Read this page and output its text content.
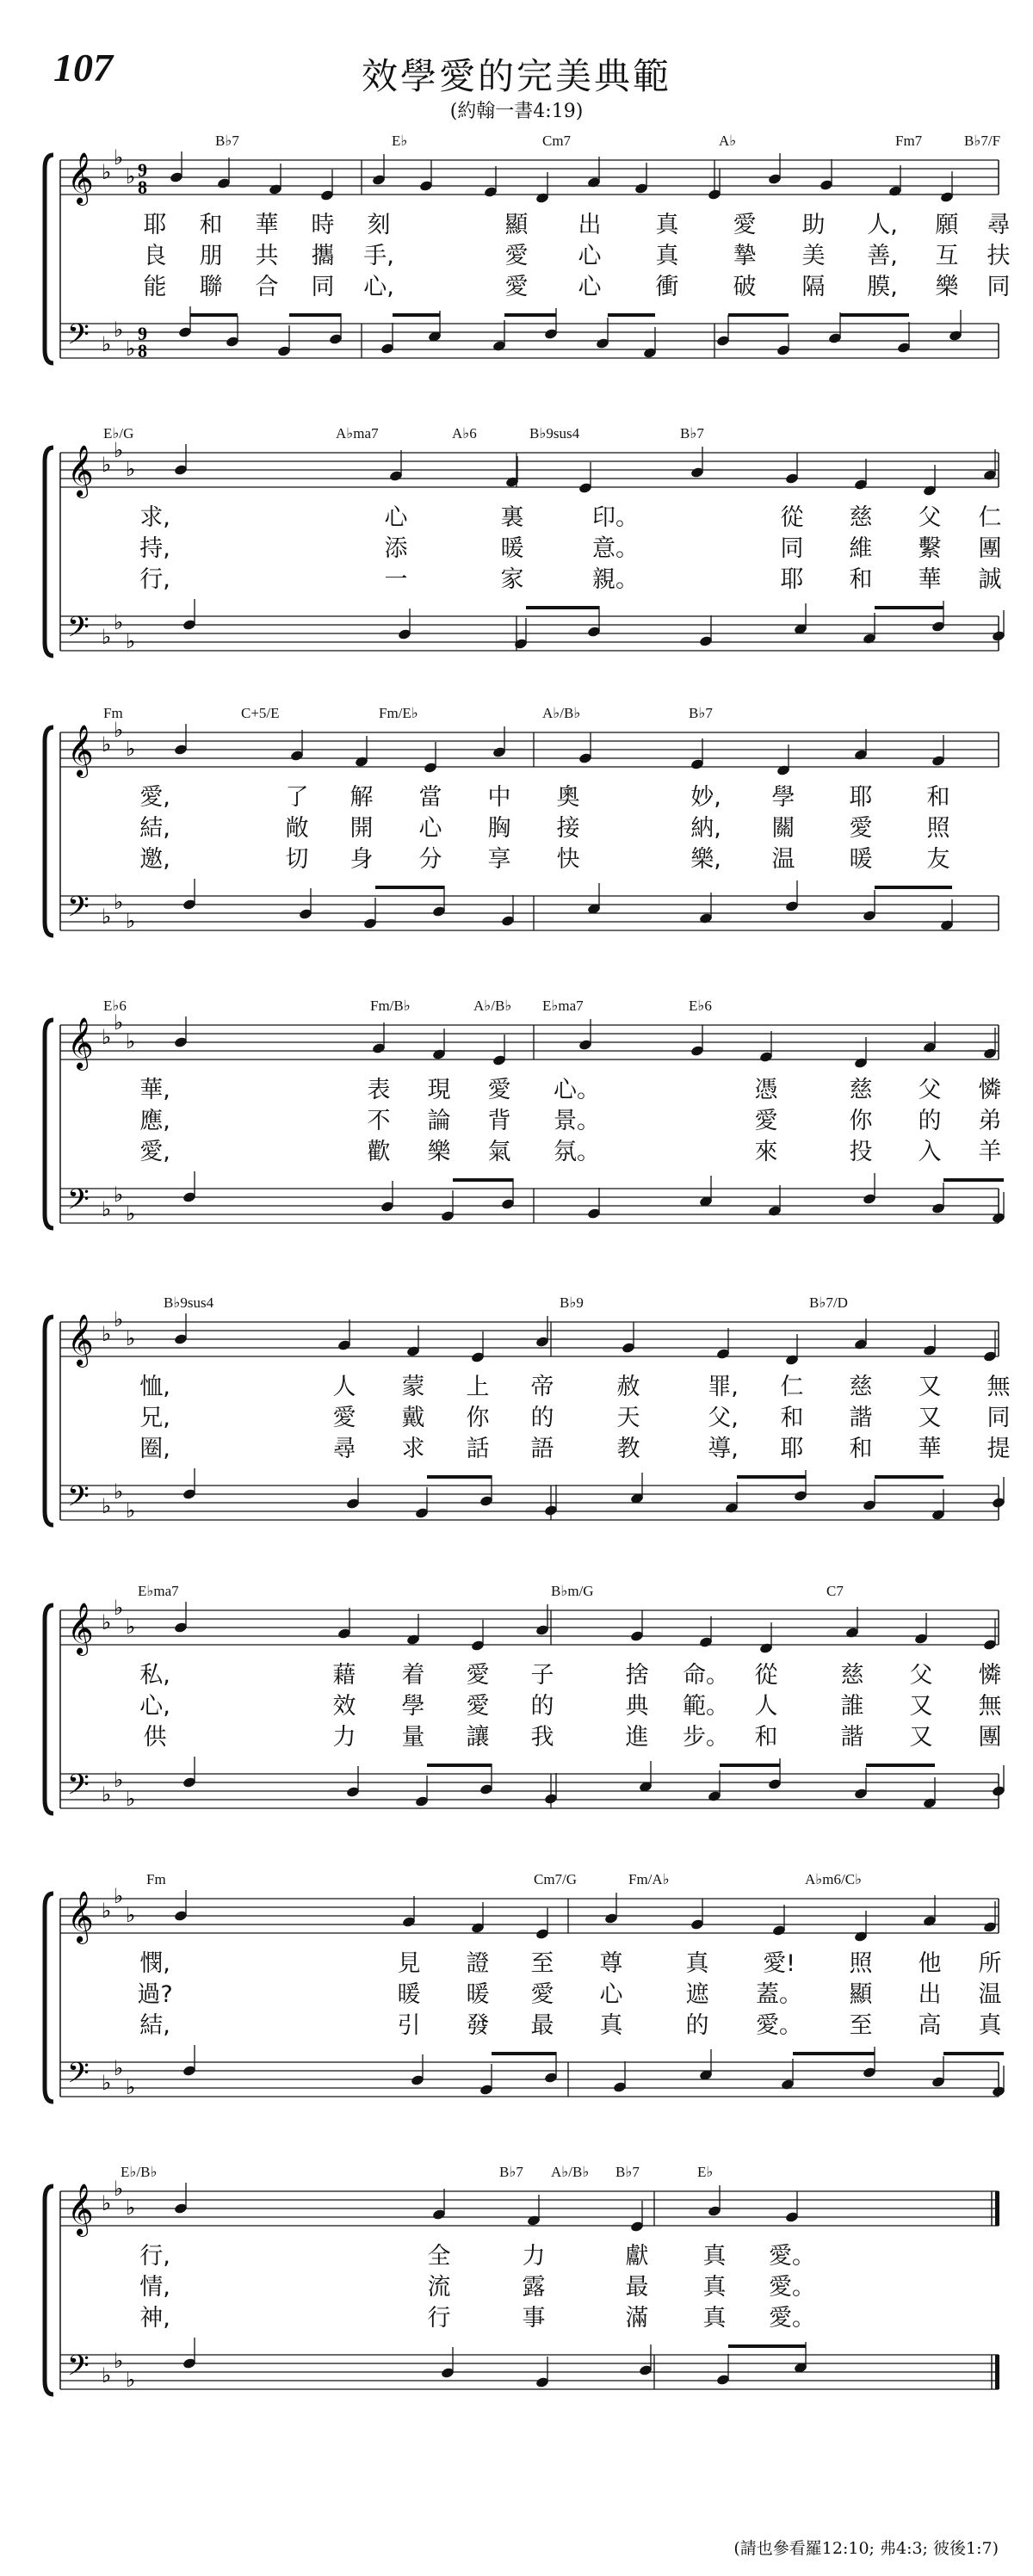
107	效學愛的完美典範
(約翰一書4:19)
𝄞
𝄢
♭
♭
♭
♭
♭
♭
9
8
9
8
B♭7	E♭	Cm7	A♭	Fm7	B♭7/F
耶 和 華 時 刻	顯 出 真 愛 助 人, 願 尋
良 朋 共 攜 手,	愛 心 真 摯 美 善, 互 扶
能 聯 合 同 心,	愛 心 衝 破 隔 膜, 樂 同
𝄞
𝄢
♭
♭
♭
♭
♭
♭
E♭/G	A♭ma7	A♭6	B♭9sus4	B♭7
求,	心	裏	印。	從 慈 父 仁
持,	添	暖	意。	同 維 繫 團
行,	一	家	親。	耶 和 華 誠
𝄞
𝄢
♭
♭
♭
♭
♭
♭
Fm	C+5/E	Fm/E♭	A♭/B♭	B♭7
愛,	了 解 當 中 奧	妙, 學 耶 和
結,	敞 開 心 胸 接	納, 關 愛 照
邀,	切 身 分 享 快	樂, 温 暖 友
𝄞
𝄢
♭
♭
♭
♭
♭
♭
E♭6	Fm/B♭	A♭/B♭ E♭ma7	E♭6
華,	表 現 愛 心。	憑	慈 父 憐
應,	不 論 背 景。	愛	你 的 弟
愛,	歡 樂 氣 氛。	來	投 入 羊
𝄞
𝄢
♭
♭
♭
♭
♭
♭
B♭9sus4	B♭9	B♭7/D
恤,	人 蒙 上 帝	赦	罪, 仁 慈 又 無
兄,	愛 戴 你 的	天	父, 和 諧 又 同
圈,	尋 求 話 語	教	導, 耶 和 華 提
𝄞
𝄢
♭
♭
♭
♭
♭
♭
E♭ma7	B♭m/G	C7
私,	藉 着 愛 子	捨 命。 從	慈 父 憐
心,	效 學 愛 的	典 範。 人	誰 又 無
供	力 量 讓 我	進 步。 和	諧 又 團
𝄞
𝄢
♭
♭
♭
♭
♭
♭
Fm	Cm7/G	Fm/A♭	A♭m6/C♭
憫,	見 證 至 尊	真 愛! 照 他 所
過?	暖 暖 愛 心	遮 蓋。 顯 出 温
結,	引 發 最 真	的 愛。 至 高 真
𝄞
𝄢
♭
♭
♭
♭
♭
♭
E♭/B♭	B♭7 A♭/B♭ B♭7	E♭
行,	全	力	獻 真 愛。
情,	流	露	最 真 愛。
神,	行	事	滿 真 愛。
(請也參看羅12:10; 弗4:3; 彼後1:7)
